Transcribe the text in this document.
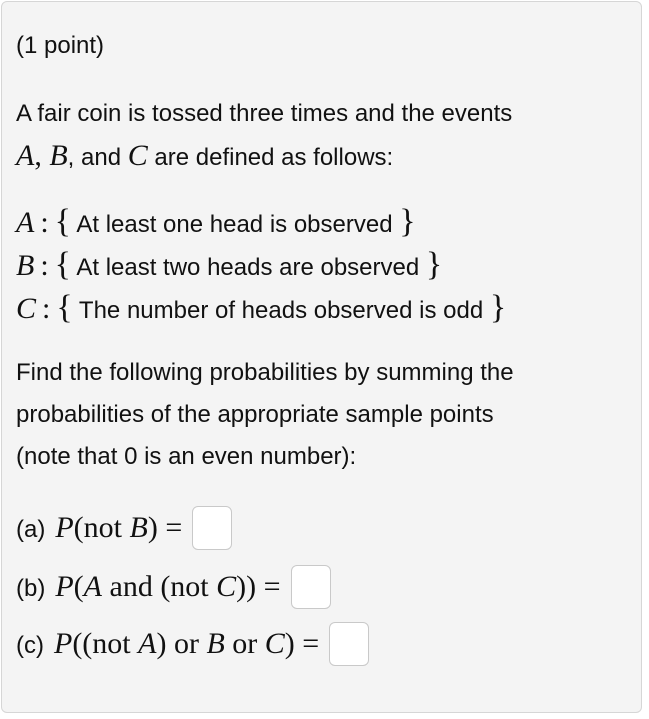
(1 point)
A fair coin is tossed three times and the events
A, B, and C are defined as follows:
A : { At least one head is observed }
B : { At least two heads are observed }
C : { The number of heads observed is odd }
Find the following probabilities by summing the
probabilities of the appropriate sample points
(note that 0 is an even number):
(a) P(not B) =
(b) P(A and (not C)) =
(c) P((not A) or B or C) =
